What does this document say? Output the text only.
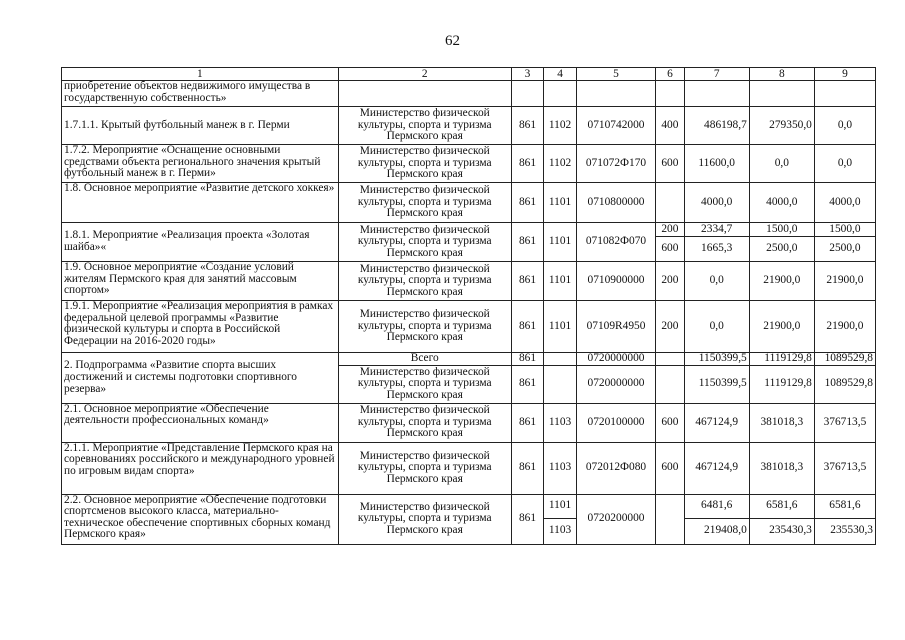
62
1	2	3	4	5	6	7	8	9
приобретение объектов недвижимого имущества в государственную собственность»								
1.7.1.1. Крытый футбольный манеж в г. Перми	Министерство физической культуры, спорта и туризма Пермского края	861	1102	0710742000	400	486198,7	279350,0	0,0
1.7.2. Мероприятие «Оснащение основными средствами объекта регионального значения крытый футбольный манеж в г. Перми»	Министерство физической культуры, спорта и туризма Пермского края	861	1102	071072Ф170	600	11600,0	0,0	0,0
1.8. Основное мероприятие «Развитие детского хоккея»	Министерство физической культуры, спорта и туризма Пермского края	861	1101	0710800000		4000,0	4000,0	4000,0
1.8.1. Мероприятие «Реализация проекта «Золотая шайба»«	Министерство физической культуры, спорта и туризма Пермского края	861	1101	071082Ф070	200	2334,7	1500,0	1500,0
					600	1665,3	2500,0	2500,0
1.9. Основное мероприятие «Создание условий жителям Пермского края для занятий массовым спортом»	Министерство физической культуры, спорта и туризма Пермского края	861	1101	0710900000	200	0,0	21900,0	21900,0
1.9.1. Мероприятие «Реализация мероприятия в рамках федеральной целевой программы «Развитие физической культуры и спорта в Российской Федерации на 2016-2020 годы»	Министерство физической культуры, спорта и туризма Пермского края	861	1101	07109R4950	200	0,0	21900,0	21900,0
2. Подпрограмма «Развитие спорта высших достижений и системы подготовки спортивного резерва»	Всего	861		0720000000		1150399,5	1119129,8	1089529,8
	Министерство физической культуры, спорта и туризма Пермского края	861		0720000000		1150399,5	1119129,8	1089529,8
2.1. Основное мероприятие «Обеспечение деятельности профессиональных команд»	Министерство физической культуры, спорта и туризма Пермского края	861	1103	0720100000	600	467124,9	381018,3	376713,5
2.1.1. Мероприятие «Представление Пермского края на соревнованиях российского и международного уровней по игровым видам спорта»	Министерство физической культуры, спорта и туризма Пермского края	861	1103	072012Ф080	600	467124,9	381018,3	376713,5
2.2. Основное мероприятие «Обеспечение подготовки спортсменов высокого класса, материально-техническое обеспечение спортивных сборных команд Пермского края»	Министерство физической культуры, спорта и туризма Пермского края	861	1101	0720200000		6481,6	6581,6	6581,6
			1103			219408,0	235430,3	235530,3
